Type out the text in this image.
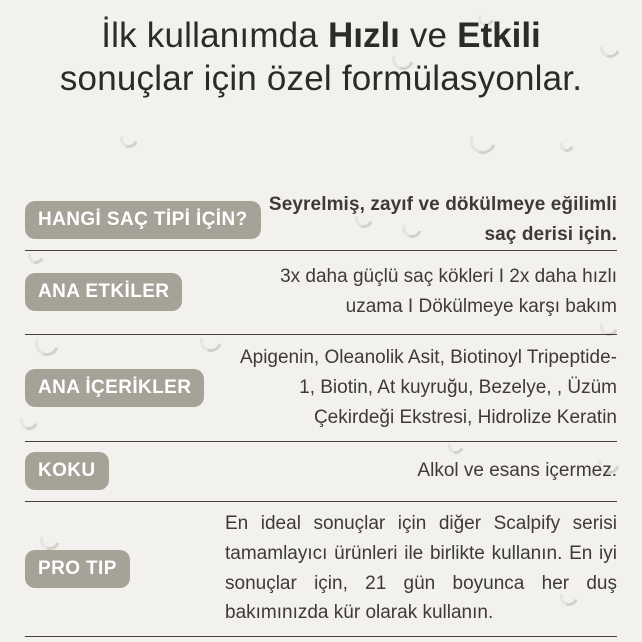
İlk kullanımda Hızlı ve Etkili
sonuçlar için özel formülasyonlar.
HANGİ SAÇ TİPİ İÇİN?
Seyrelmiş, zayıf ve dökülmeye eğilimli saç derisi için.
ANA ETKİLER
3x daha güçlü saç kökleri I 2x daha hızlı uzama I Dökülmeye karşı bakım
ANA İÇERİKLER
Apigenin, Oleanolik Asit, Biotinoyl Tripeptide-1, Biotin, At kuyruğu, Bezelye, , Üzüm Çekirdeği Ekstresi, Hidrolize Keratin
KOKU	Alkol ve esans içermez.
PRO TIP
En ideal sonuçlar için diğer Scalpify serisi tamamlayıcı ürünleri ile birlikte kullanın. En iyi sonuçlar için, 21 gün boyunca her duş bakımınızda kür olarak kullanın.
